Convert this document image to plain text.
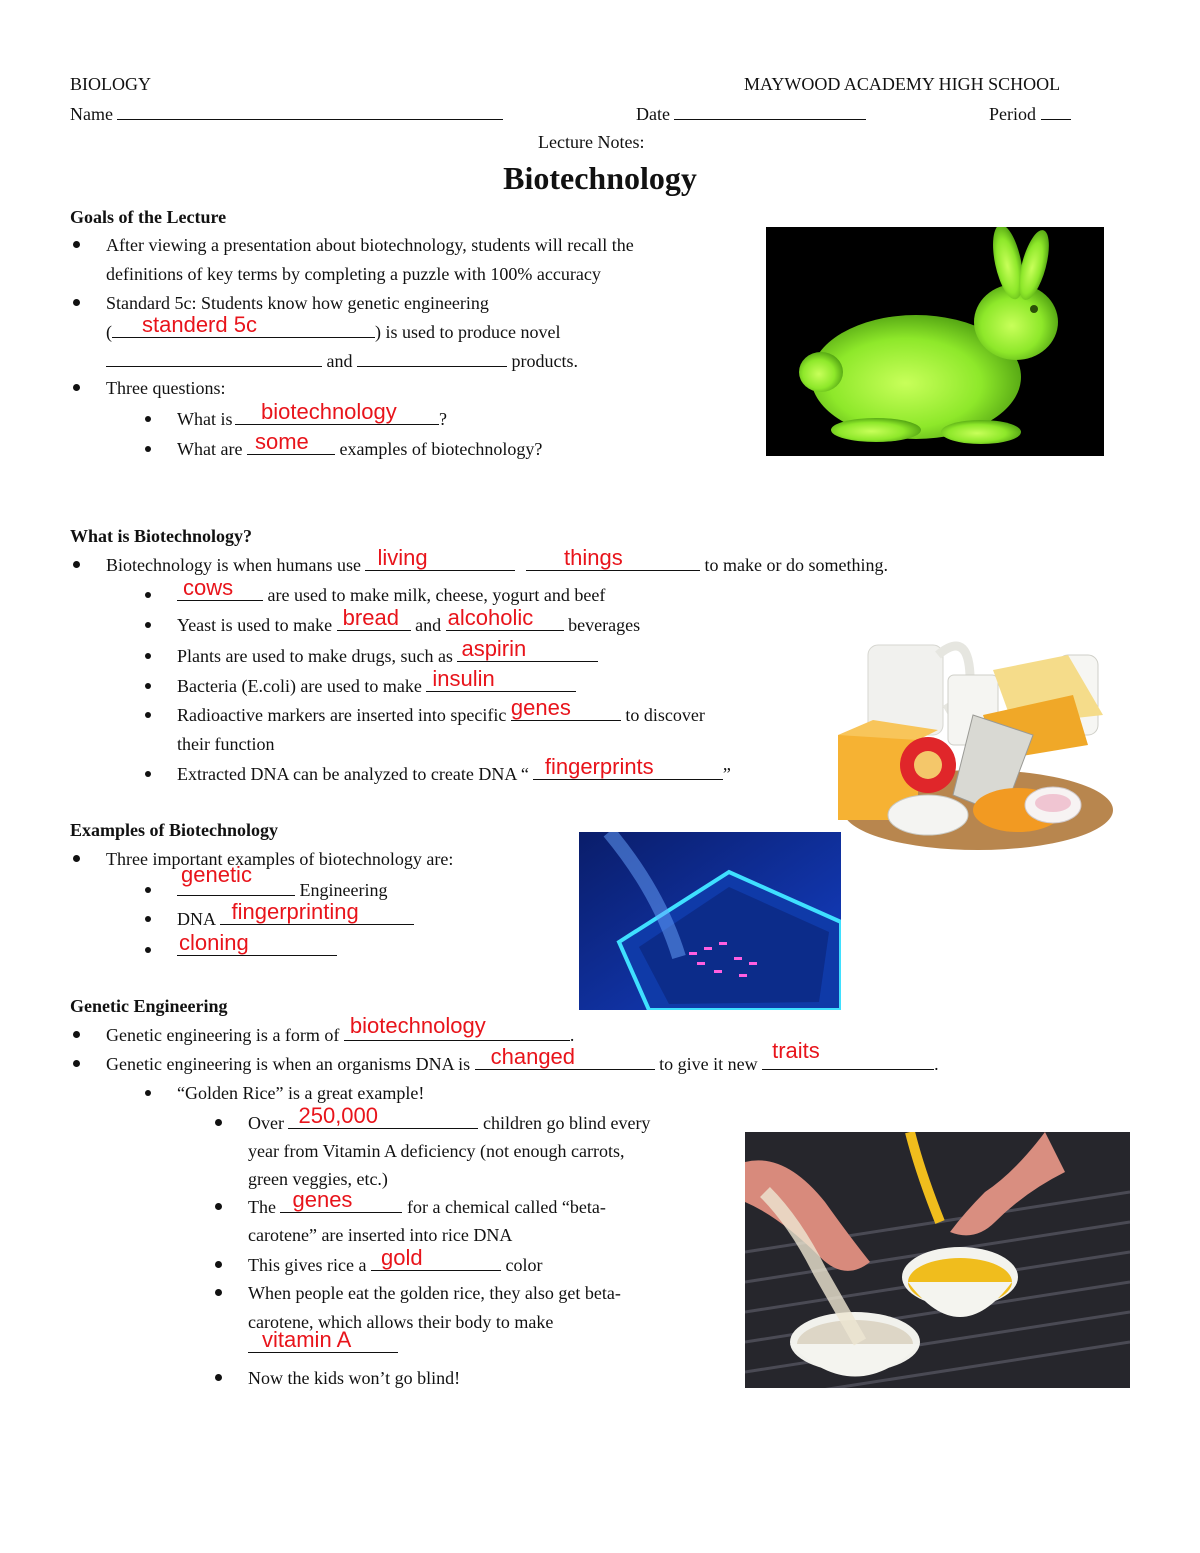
BIOLOGY	MAYWOOD ACADEMY HIGH SCHOOL
Name	Date	Period
Lecture Notes:
Biotechnology
Goals of the Lecture
After viewing a presentation about biotechnology, students will recall the
definitions of key terms by completing a puzzle with 100% accuracy
Standard 5c: Students know how genetic engineering
( standerd 5c	) is used to produce novel
and	products.
Three questions:
What is biotechnology ?
What are some examples of biotechnology?
What is Biotechnology?
Biotechnology is when humans use living
	things	to make or do something.
cows are used to make milk, cheese, yogurt and beef
Yeast is used to make bread and alcoholic beverages
Plants are used to make drugs, such as aspirin
Bacteria (E.coli) are used to make insulin
Radioactive markers are inserted into specific genes	to discover
their function
Extracted DNA can be analyzed to create DNA “ fingerprints	”
Examples of Biotechnology
Three important examples of biotechnology are:
genetic
Engineering
DNA fingerprinting
cloning
Genetic Engineering
Genetic engineering is a form of biotechnology	.
Genetic engineering is when an organisms DNA is changed	to give it new
traits
.
“Golden Rice” is a great example!
Over 250,000	children go blind every
year from Vitamin A deficiency (not enough carrots,
green veggies, etc.)
The genes	for a chemical called “beta-
carotene” are inserted into rice DNA
This gives rice a gold	color
When people eat the golden rice, they also get beta-
carotene, which allows their body to make
vitamin A
Now the kids won’t go blind!
